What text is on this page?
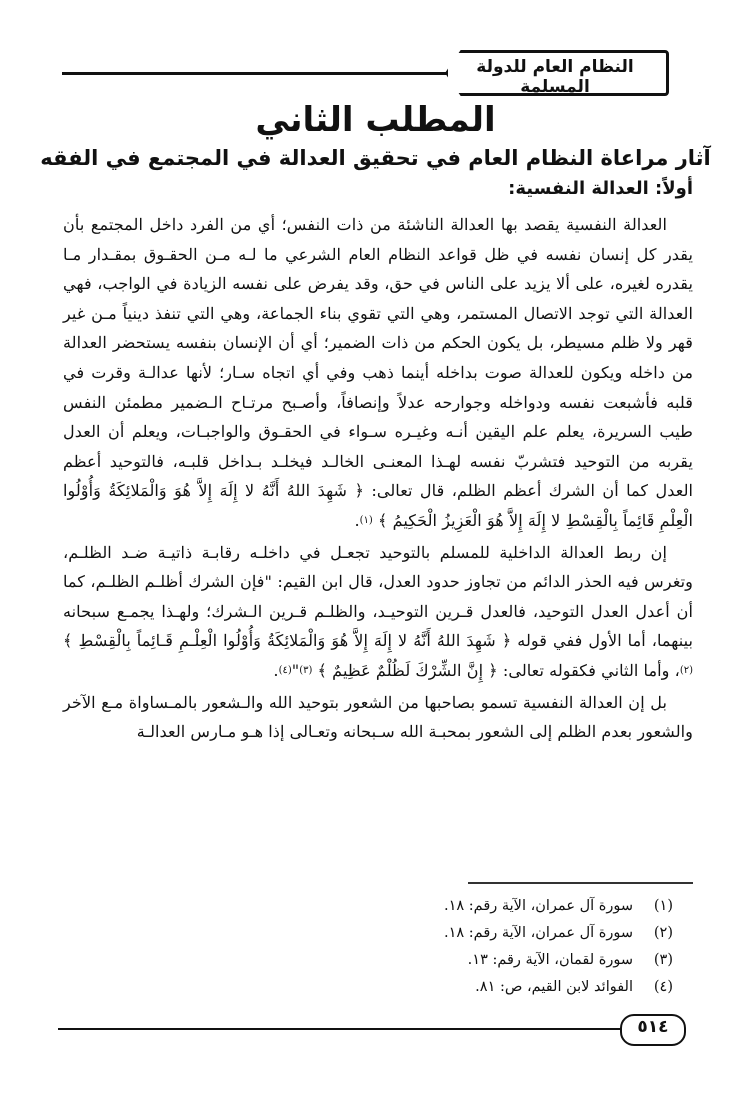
النظام العام للدولة المسلمة
المطلب الثاني
آثار مراعاة النظام العام في تحقيق العدالة في المجتمع في الفقه
أولاً: العدالة النفسية:

العدالة النفسية يقصد بها العدالة الناشئة من ذات النفس؛ أي من الفرد داخل المجتمع بأن يقدر كل إنسان نفسه في ظل قواعد النظام العام الشرعي ما لـه مـن الحقـوق بمقـدار مـا يقدره لغيره، على ألا يزيد على الناس في حق، وقد يفرض على نفسه الزيادة في الواجب، فهي العدالة التي توجد الاتصال المستمر، وهي التي تقوي بناء الجماعة، وهي التي تنفذ دينياً مـن غير قهر ولا ظلم مسيطر، بل يكون الحكم من ذات الضمير؛ أي أن الإنسان بنفسه يستحضر العدالة من داخله ويكون للعدالة صوت بداخله أينما ذهب وفي أي اتجاه سـار؛ لأنها عدالـة وقرت في قلبه فأشبعت نفسه ودواخله وجوارحه عدلاً وإنصافاً، وأصـبح مرتـاح الـضمير مطمئن النفس طيب السريرة، يعلم علم اليقين أنـه وغيـره سـواء في الحقـوق والواجبـات، ويعلم أن العدل يقربه من التوحيد فتشربّ نفسه لهـذا المعنـى الخالـد فيخلـد بـداخل قلبـه، فالتوحيد أعظم العدل كما أن الشرك أعظم الظلم، قال تعالى: ﴿ شَهِدَ اللهُ أَنَّهُ لا إِلَهَ إِلاَّ هُوَ وَالْمَلائِكَةُ وَأُوْلُوا الْعِلْمِ قَائِماً بِالْقِسْطِ لا إِلَهَ إِلاَّ هُوَ الْعَزِيزُ الْحَكِيمُ ﴾ $^{(١)}$.

إن ربط العدالة الداخلية للمسلم بالتوحيد تجعـل في داخلـه رقابـة ذاتيـة ضـد الظلـم، وتغرس فيه الحذر الدائم من تجاوز حدود العدل، قال ابن القيم: "فإن الشرك أظلـم الظلـم، كما أن أعدل العدل التوحيد، فالعدل قـرين التوحيـد، والظلـم قـرين الـشرك؛ ولهـذا يجمـع سبحانه بينهما، أما الأول ففي قوله ﴿ شَهِدَ اللهُ أَنَّهُ لا إِلَهَ إِلاَّ هُوَ وَالْمَلائِكَةُ وَأُوْلُوا الْعِلْـمِ قَـائِماً بِالْقِسْطِ ﴾ $^{(٢)}$، وأما الثاني فكقوله تعالى: ﴿ إِنَّ الشِّرْكَ لَظُلْمٌ عَظِيمٌ ﴾ $^{(٣)}$"$^{(٤)}$.

بل إن العدالة النفسية تسمو بصاحبها من الشعور بتوحيد الله والـشعور بالمـساواة مـع الآخر والشعور بعدم الظلم إلى الشعور بمحبـة الله سـبحانه وتعـالى إذا هـو مـارس العدالـة

(١)
سورة آل عمران، الآية رقم: ١٨.
(٢)
سورة آل عمران، الآية رقم: ١٨.
(٣)
سورة لقمان، الآية رقم: ١٣.
(٤)
الفوائد لابن القيم، ص: ٨١.
٥١٤
